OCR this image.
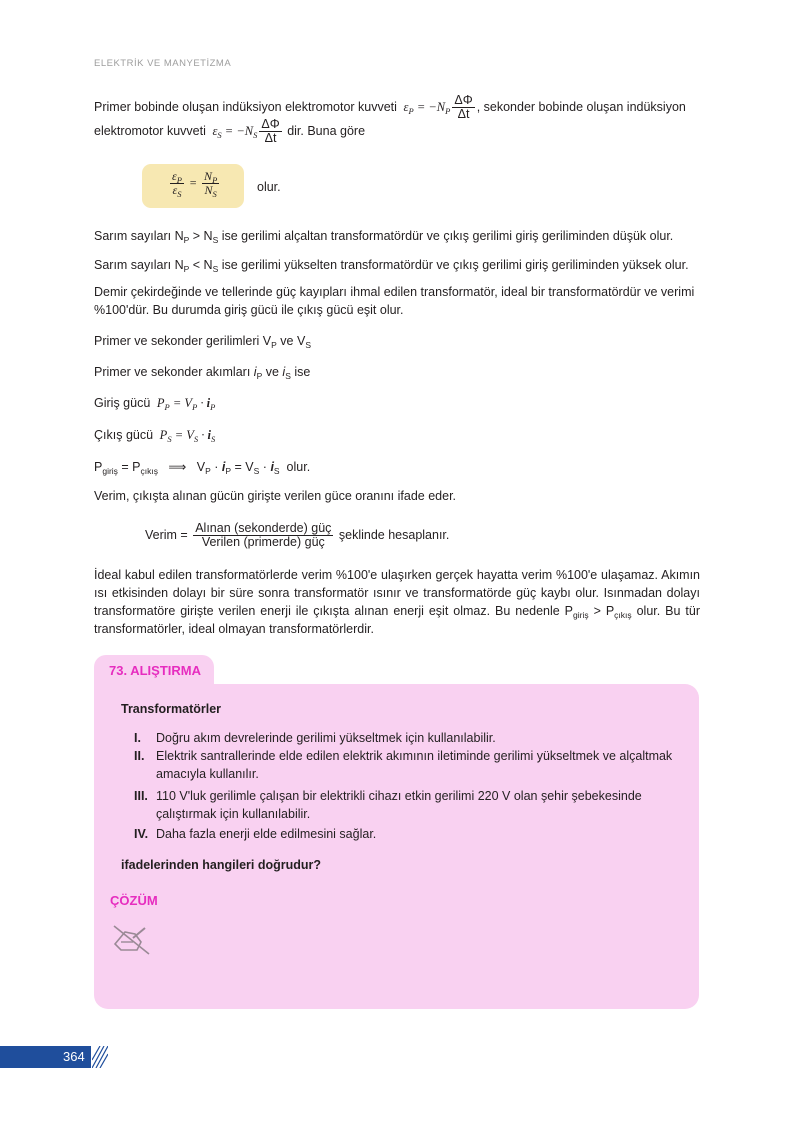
ELEKTRİK VE MANYETİZMA
Primer bobinde oluşan indüksiyon elektromotor kuvveti  $\varepsilon_P = -N_P \frac{\Delta\Phi}{\Delta t}$ , sekonder bobinde oluşan indüksiyon
elektromotor kuvveti  $\varepsilon_S = -N_S \frac{\Delta\Phi}{\Delta t}$ dir. Buna göre
$\frac{\varepsilon_P}{\varepsilon_S} = \frac{N_P}{N_S}$	olur.
Sarım sayıları $N_P > N_S$ ise gerilimi alçaltan transformatördür ve çıkış gerilimi giriş geriliminden düşük olur.
Sarım sayıları $N_P < N_S$ ise gerilimi yükselten transformatördür ve çıkış gerilimi giriş geriliminden yüksek olur.
Demir çekirdeğinde ve tellerinde güç kayıpları ihmal edilen transformatör, ideal bir transformatördür ve verimi %100'dür. Bu durumda giriş gücü ile çıkış gücü eşit olur.
Primer ve sekonder gerilimleri $V_P$ ve $V_S$
Primer ve sekonder akımları $i_P$ ve $i_S$ ise
Giriş gücü  $P_P = V_P \cdot i_P$
Çıkış gücü  $P_S = V_S \cdot i_S$
$P_{giriş} = P_{çıkış}$   ⟹   $V_P \cdot i_P = V_S \cdot i_S$  olur.
Verim, çıkışta alınan gücün girişte verilen güce oranını ifade eder.
Verim = $\frac{\text{Alınan (sekonderde) güç}}{\text{Verilen (primerde) güç}}$ şeklinde hesaplanır.
İdeal kabul edilen transformatörlerde verim %100'e ulaşırken gerçek hayatta verim %100'e ulaşamaz. Akımın ısı etkisinden dolayı bir süre sonra transformatör ısınır ve transformatörde güç kaybı olur. Isınmadan dolayı transformatöre girişte verilen enerji ile çıkışta alınan enerji eşit olmaz. Bu nedenle $P_{giriş} > P_{çıkış}$ olur. Bu tür transformatörler, ideal olmayan transformatörlerdir.
73. ALIŞTIRMA
Transformatörler
I. Doğru akım devrelerinde gerilimi yükseltmek için kullanılabilir.
II. Elektrik santrallerinde elde edilen elektrik akımının iletiminde gerilimi yükseltmek ve alçaltmak amacıyla kullanılır.
III. 110 V'luk gerilimle çalışan bir elektrikli cihazı etkin gerilimi 220 V olan şehir şebekesinde çalıştırmak için kullanılabilir.
IV. Daha fazla enerji elde edilmesini sağlar.
ifadelerinden hangileri doğrudur?
ÇÖZÜM
364
